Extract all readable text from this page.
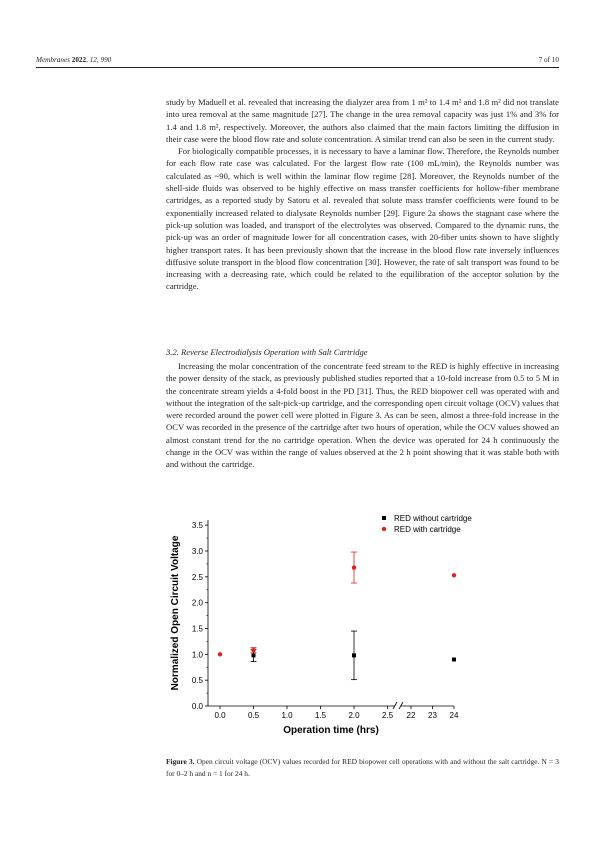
Membranes 2022, 12, 990	7 of 10

study by Maduell et al. revealed that increasing the dialyzer area from 1 m² to 1.4 m² and 1.8 m² did not translate into urea removal at the same magnitude [27]. The change in the urea removal capacity was just 1% and 3% for 1.4 and 1.8 m², respectively. Moreover, the authors also claimed that the main factors limiting the diffusion in their case were the blood flow rate and solute concentration. A similar trend can also be seen in the current study.

For biologically compatible processes, it is necessary to have a laminar flow. Therefore, the Reynolds number for each flow rate case was calculated. For the largest flow rate (100 mL/min), the Reynolds number was calculated as ~90, which is well within the laminar flow regime [28]. Moreover, the Reynolds number of the shell-side fluids was observed to be highly effective on mass transfer coefficients for hollow-fiber membrane cartridges, as a reported study by Satoru et al. revealed that solute mass transfer coefficients were found to be exponentially increased related to dialysate Reynolds number [29]. Figure 2a shows the stagnant case where the pick-up solution was loaded, and transport of the electrolytes was observed. Compared to the dynamic runs, the pick-up was an order of magnitude lower for all concentration cases, with 20-fiber units shown to have slightly higher transport rates. It has been previously shown that the increase in the blood flow rate inversely influences diffusive solute transport in the blood flow concentration [30]. However, the rate of salt transport was found to be increasing with a decreasing rate, which could be related to the equilibration of the acceptor solution by the cartridge.

3.2. Reverse Electrodialysis Operation with Salt Cartridge

Increasing the molar concentration of the concentrate feed stream to the RED is highly effective in increasing the power density of the stack, as previously published studies reported that a 10-fold increase from 0.5 to 5 M in the concentrate stream yields a 4-fold boost in the PD [31]. Thus, the RED biopower cell was operated with and without the integration of the salt-pick-up cartridge, and the corresponding open circuit voltage (OCV) values that were recorded around the power cell were plotted in Figure 3. As can be seen, almost a three-fold increase in the OCV was recorded in the presence of the cartridge after two hours of operation, while the OCV values showed an almost constant trend for the no cartridge operation. When the device was operated for 24 h continuously the change in the OCV was within the range of values observed at the 2 h point showing that it was stable both with and without the cartridge.

0.0
0.5
1.0
1.5
2.0
2.5
3.0
3.5
0.0	0.5	1.0	1.5	2.0	2.5 22 23 24
Operation time (hrs)
Normalized Open Circuit Voltage
RED without cartridge
RED with cartridge
Figure 3. Open circuit voltage (OCV) values recorded for RED biopower cell operations with and without the salt cartridge. N = 3 for 0–2 h and n = 1 for 24 h.
